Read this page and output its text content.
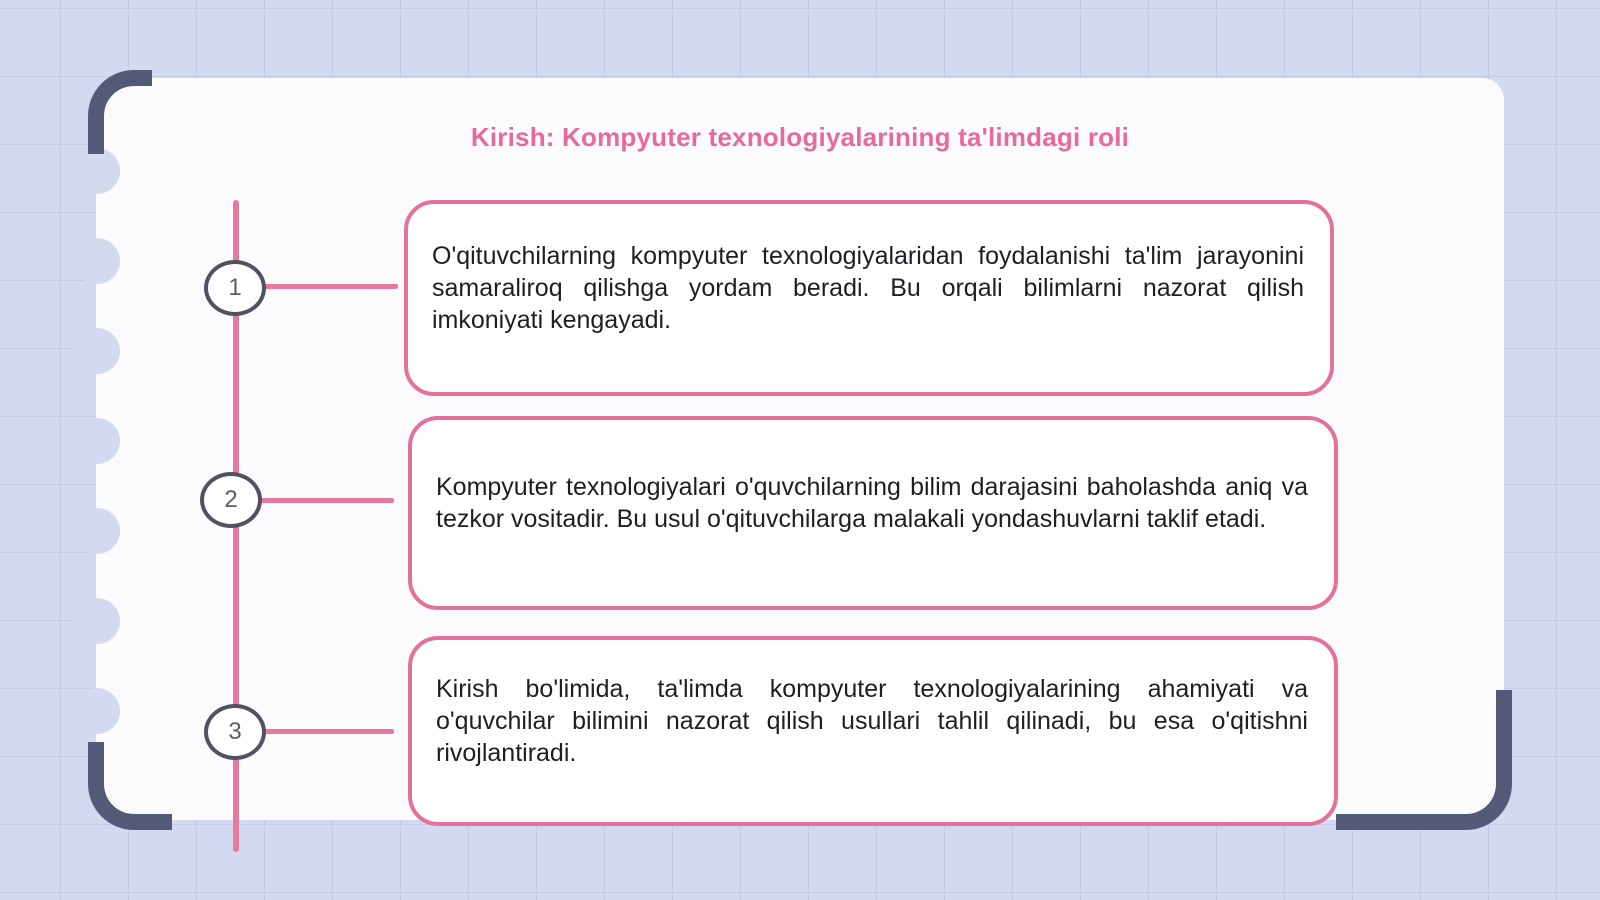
Kirish: Kompyuter texnologiyalarining ta'limdagi roli
1
O'qituvchilarning kompyuter texnologiyalaridan foydalanishi ta'lim jarayonini samaraliroq qilishga yordam beradi. Bu orqali bilimlarni nazorat qilish imkoniyati kengayadi.
2	Kompyuter texnologiyalari o'quvchilarning bilim darajasini baholashda aniq va tezkor vositadir. Bu usul o'qituvchilarga malakali yondashuvlarni taklif etadi.
3
Kirish bo'limida, ta'limda kompyuter texnologiyalarining ahamiyati va o'quvchilar bilimini nazorat qilish usullari tahlil qilinadi, bu esa o'qitishni rivojlantiradi.
